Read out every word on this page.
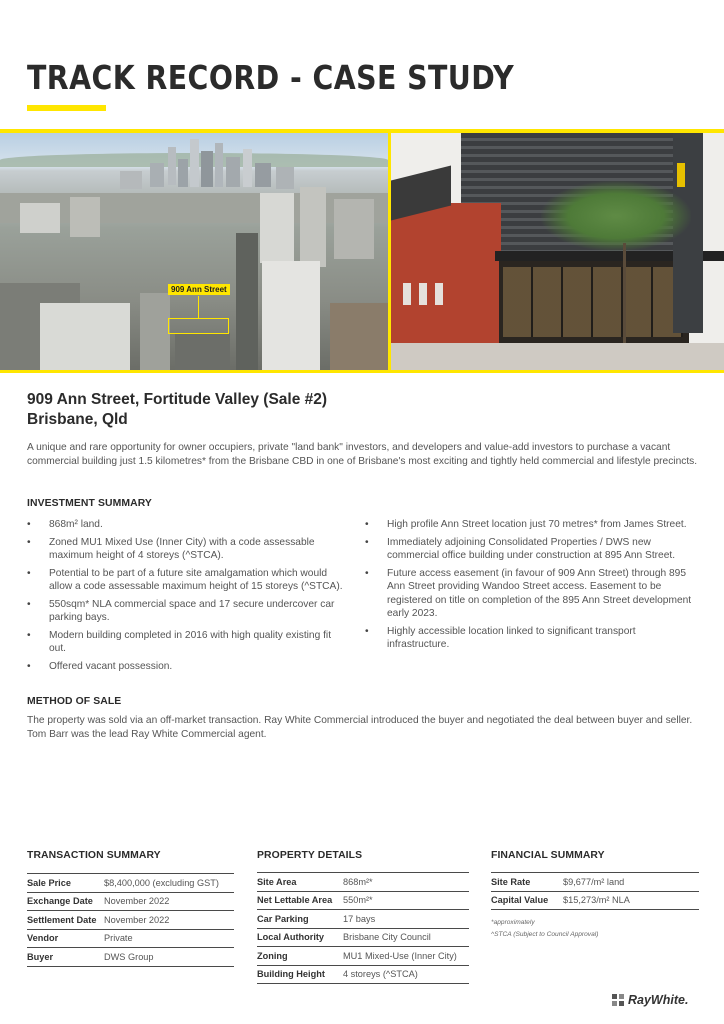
TRACK RECORD - CASE STUDY
909 Ann Street
909 Ann Street, Fortitude Valley (Sale #2)
Brisbane, Qld

A unique and rare opportunity for owner occupiers, private "land bank" investors, and developers and value-add investors to purchase a vacant commercial building just 1.5 kilometres* from the Brisbane CBD in one of Brisbane's most exciting and tightly held commercial and lifestyle precincts.

INVESTMENT SUMMARY
• 868m² land.
• Zoned MU1 Mixed Use (Inner City) with a code assessable maximum height of 4 storeys (^STCA).
• Potential to be part of a future site amalgamation which would allow a code assessable maximum height of 15 storeys (^STCA).
• 550sqm* NLA commercial space and 17 secure undercover car parking bays.
• Modern building completed in 2016 with high quality existing fit out.
• Offered vacant possession.
• High profile Ann Street location just 70 metres* from James Street.
• Immediately adjoining Consolidated Properties / DWS new commercial office building under construction at 895 Ann Street.
• Future access easement (in favour of 909 Ann Street) through 895 Ann Street providing Wandoo Street access. Easement to be registered on title on completion of the 895 Ann Street development early 2023.
• Highly accessible location linked to significant transport infrastructure.
METHOD OF SALE

The property was sold via an off-market transaction. Ray White Commercial introduced the buyer and negotiated the deal between buyer and seller. Tom Barr was the lead Ray White Commercial agent.

TRANSACTION SUMMARY
Sale Price	$8,400,000 (excluding GST)
Exchange Date	November 2022
Settlement Date	November 2022
Vendor	Private
Buyer	DWS Group
PROPERTY DETAILS
Site Area	868m²*
Net Lettable Area	550m²*
Car Parking	17 bays
Local Authority	Brisbane City Council
Zoning	MU1 Mixed-Use (Inner City)
Building Height	4 storeys (^STCA)
FINANCIAL SUMMARY
Site Rate	$9,677/m² land
Capital Value	$15,273/m² NLA
*approximately
^STCA (Subject to Council Approval)
RayWhite.
